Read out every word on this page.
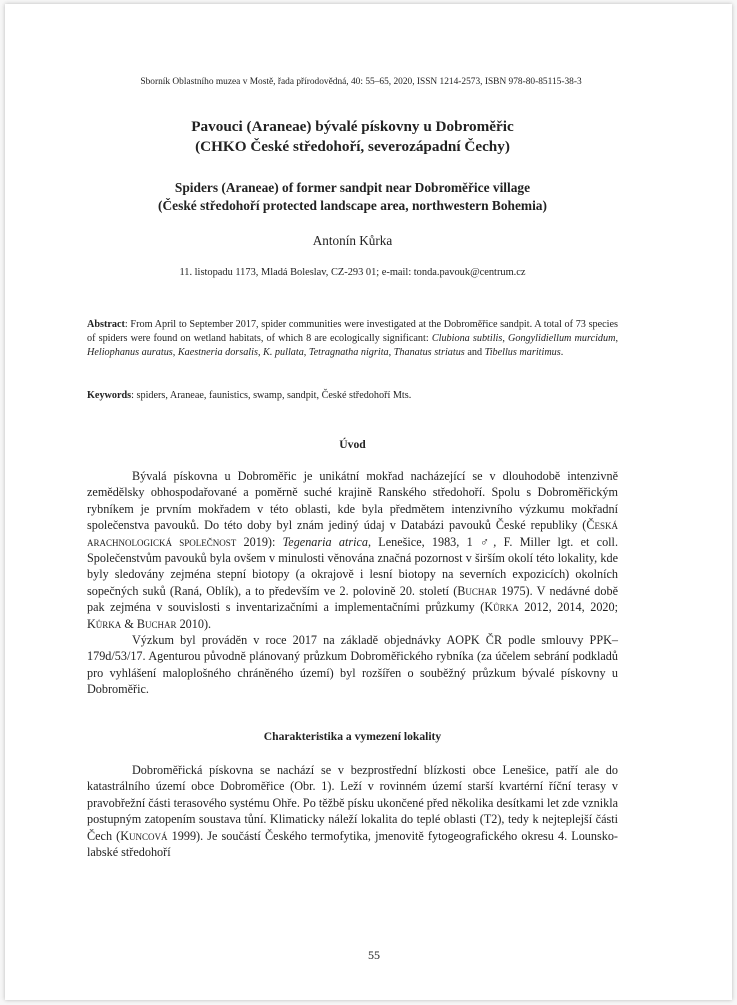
Sborník Oblastního muzea v Mostě, řada přírodovědná, 40: 55–65, 2020, ISSN 1214-2573, ISBN 978-80-85115-38-3
Pavouci (Araneae) bývalé pískovny u Dobroměřic
(CHKO České středohoří, severozápadní Čechy)
Spiders (Araneae) of former sandpit near Dobroměřice village
(České středohoří protected landscape area, northwestern Bohemia)
Antonín Kůrka
11. listopadu 1173, Mladá Boleslav, CZ-293 01; e-mail: tonda.pavouk@centrum.cz
Abstract: From April to September 2017, spider communities were investigated at the Dobroměřice sandpit. A total of 73 species of spiders were found on wetland habitats, of which 8 are ecologically significant: Clubiona subtilis, Gongylidiellum murcidum, Heliophanus auratus, Kaestneria dorsalis, K. pullata, Tetragnatha nigrita, Thanatus striatus and Tibellus maritimus.
Keywords: spiders, Araneae, faunistics, swamp, sandpit, České středohoří Mts.
Úvod

Bývalá pískovna u Dobroměřic je unikátní mokřad nacházející se v dlouhodobě intenzivně zemědělsky obhospodařované a poměrně suché krajině Ranského středohoří. Spolu s Dobroměřickým rybníkem je prvním mokřadem v této oblasti, kde byla předmětem intenzivního výzkumu mokřadní společenstva pavouků. Do této doby byl znám jediný údaj v Databázi pavouků České republiky (Česká arachnologická společnost 2019): Tegenaria atrica, Lenešice, 1983, 1 ♂, F. Miller lgt. et coll. Společenstvům pavouků byla ovšem v minulosti věnována značná pozornost v širším okolí této lokality, kde byly sledovány zejména stepní biotopy (a okrajově i lesní biotopy na severních expozicích) okolních sopečných suků (Raná, Oblík), a to především ve 2. polovině 20. století (Buchar 1975). V nedávné době pak zejména v souvislosti s inventarizačními a implementačními průzkumy (Kůrka 2012, 2014, 2020; Kůrka & Buchar 2010).

Výzkum byl prováděn v roce 2017 na základě objednávky AOPK ČR podle smlouvy PPK–179d/53/17. Agenturou původně plánovaný průzkum Dobroměřického rybníka (za účelem sebrání podkladů pro vyhlášení maloplošného chráněného území) byl rozšířen o souběžný průzkum bývalé pískovny u Dobroměřic.

Charakteristika a vymezení lokality

Dobroměřická pískovna se nachází se v bezprostřední blízkosti obce Lenešice, patří ale do katastrálního území obce Dobroměřice (Obr. 1). Leží v rovinném území starší kvartérní říční terasy v pravobřežní části terasového systému Ohře. Po těžbě písku ukončené před několika desítkami let zde vznikla postupným zatopením soustava tůní. Klimaticky náleží lokalita do teplé oblasti (T2), tedy k nejteplejší části Čech (Kuncová 1999). Je součástí Českého termofytika, jmenovitě fytogeografického okresu 4. Lounsko-labské středohoří

55
